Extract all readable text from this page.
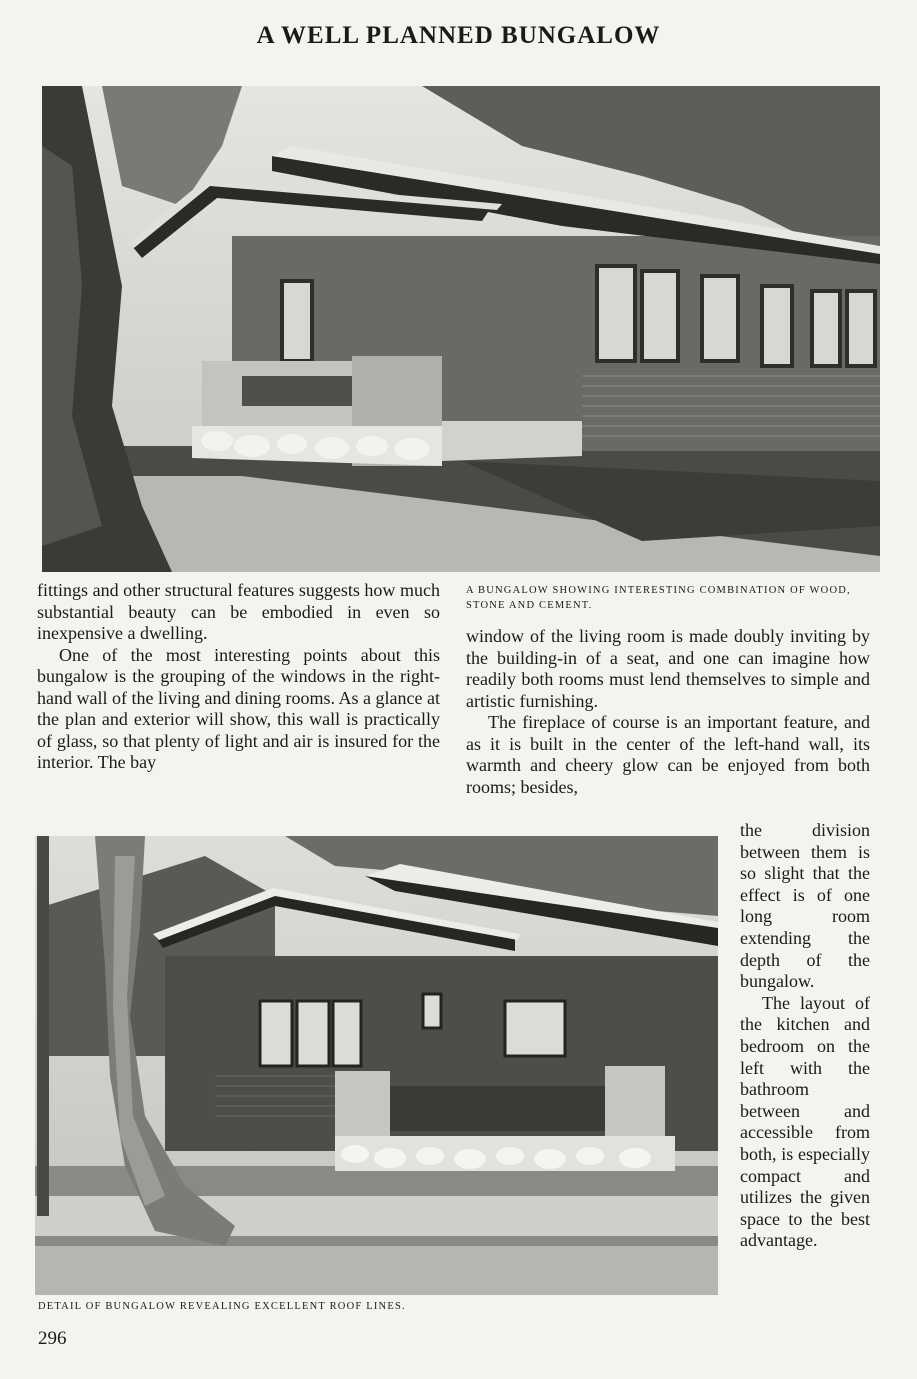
A WELL PLANNED BUNGALOW
A BUNGALOW SHOWING INTERESTING COMBINATION OF WOOD, STONE AND CEMENT.

fittings and other structural features suggests how much substantial beauty can be embodied in even so inexpensive a dwelling.

One of the most interesting points about this bungalow is the grouping of the windows in the right-hand wall of the living and dining rooms. As a glance at the plan and exterior will show, this wall is practically of glass, so that plenty of light and air is insured for the interior. The bay

window of the living room is made doubly inviting by the building-in of a seat, and one can imagine how readily both rooms must lend themselves to simple and artistic furnishing.

The fireplace of course is an important feature, and as it is built in the center of the left-hand wall, its warmth and cheery glow can be enjoyed from both rooms; besides,

the division between them is so slight that the effect is of one long room extending the depth of the bungalow.

The layout of the kitchen and bedroom on the left with the bathroom between and accessible from both, is especially compact and utilizes the given space to the best advantage.

DETAIL OF BUNGALOW REVEALING EXCELLENT ROOF LINES.
296
